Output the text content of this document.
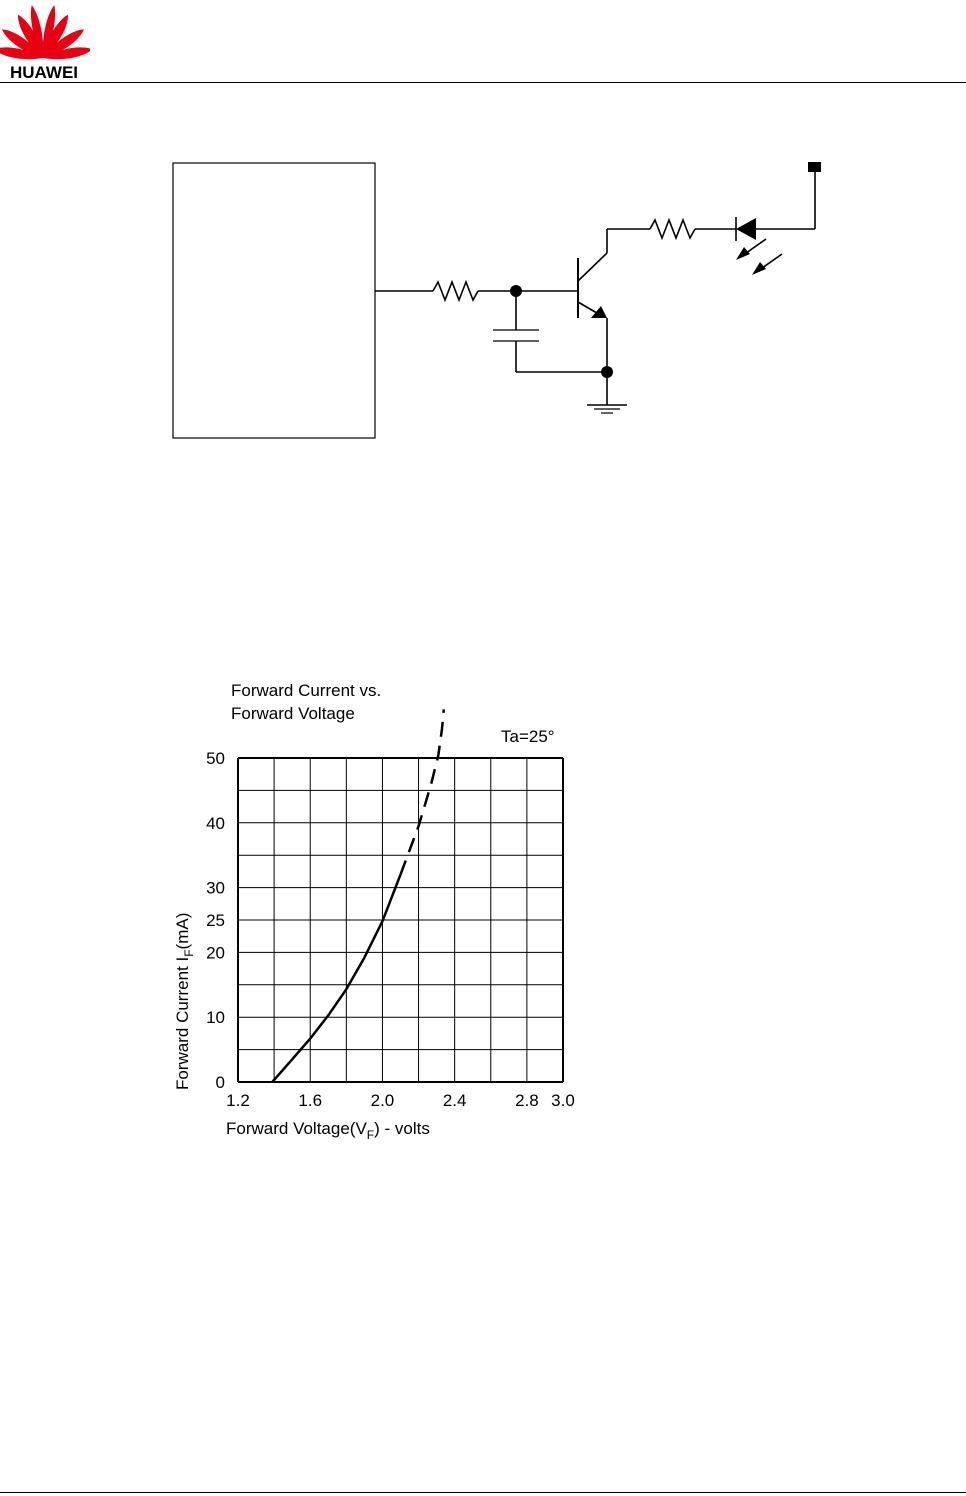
HUAWEI
Forward Current vs.
Forward Voltage
Ta=25°
1.2	1.6	2.0	2.4	2.8 3.0
0
10
20
25
30
40
50
Forward $Voltage(V_F)$ - volts
Forward Current $I_F(mA)$
